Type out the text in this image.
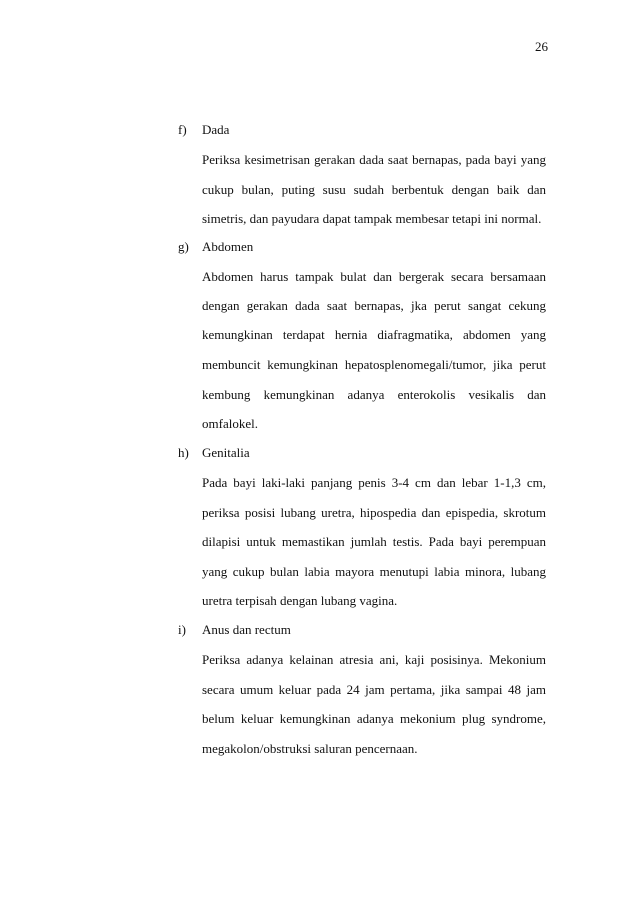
26
f) Dada
Periksa kesimetrisan gerakan dada saat bernapas, pada bayi yang
cukup bulan, puting susu sudah berbentuk dengan baik dan
simetris, dan payudara dapat tampak membesar tetapi ini normal.
g) Abdomen
Abdomen harus tampak bulat dan bergerak secara bersamaan
dengan gerakan dada saat bernapas, jka perut sangat cekung
kemungkinan terdapat hernia diafragmatika, abdomen yang
membuncit kemungkinan hepatosplenomegali/tumor, jika perut
kembung kemungkinan adanya enterokolis vesikalis dan
omfalokel.
h) Genitalia
Pada bayi laki-laki panjang penis 3-4 cm dan lebar 1-1,3 cm,
periksa posisi lubang uretra, hipospedia dan epispedia, skrotum
dilapisi untuk memastikan jumlah testis. Pada bayi perempuan
yang cukup bulan labia mayora menutupi labia minora, lubang
uretra terpisah dengan lubang vagina.
i) Anus dan rectum
Periksa adanya kelainan atresia ani, kaji posisinya. Mekonium
secara umum keluar pada 24 jam pertama, jika sampai 48 jam
belum keluar kemungkinan adanya mekonium plug syndrome,
megakolon/obstruksi saluran pencernaan.
